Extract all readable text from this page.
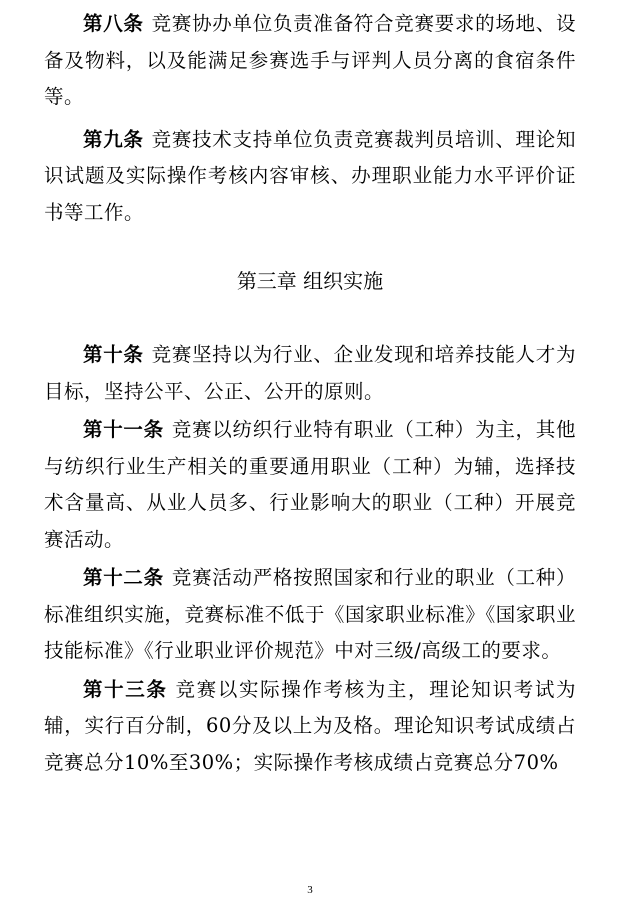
第八条 竞赛协办单位负责准备符合竞赛要求的场地、设备及物料，以及能满足参赛选手与评判人员分离的食宿条件等。

第九条 竞赛技术支持单位负责竞赛裁判员培训、理论知识试题及实际操作考核内容审核、办理职业能力水平评价证书等工作。

第三章 组织实施

第十条 竞赛坚持以为行业、企业发现和培养技能人才为目标，坚持公平、公正、公开的原则。

第十一条 竞赛以纺织行业特有职业（工种）为主，其他与纺织行业生产相关的重要通用职业（工种）为辅，选择技术含量高、从业人员多、行业影响大的职业（工种）开展竞赛活动。

第十二条 竞赛活动严格按照国家和行业的职业（工种）标准组织实施，竞赛标准不低于《国家职业标准》《国家职业技能标准》《行业职业评价规范》中对三级/高级工的要求。

第十三条 竞赛以实际操作考核为主，理论知识考试为辅，实行百分制，60分及以上为及格。理论知识考试成绩占竞赛总分10%至30%；实际操作考核成绩占竞赛总分70%

3
